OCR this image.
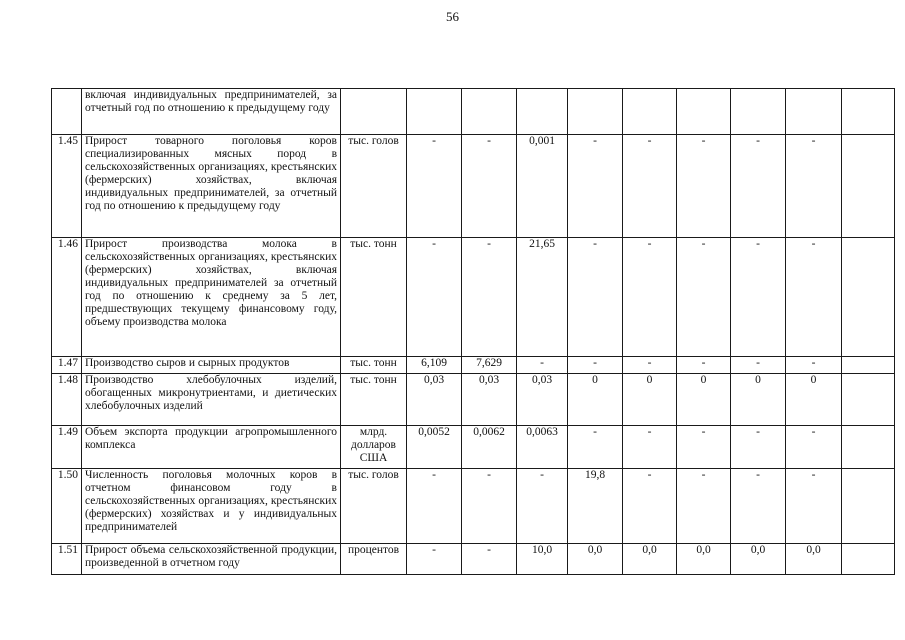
56
	включая индивидуальных предпринимателей, за отчетный год по отношению к предыдущему году										
1.45	Прирост товарного поголовья коров специализированных мясных пород в сельскохозяйственных организациях, крестьянских (фермерских) хозяйствах, включая индивидуальных предпринимателей, за отчетный год по отношению к предыдущему году	тыс. голов	-	-	0,001	-	-	-	-	-	
1.46	Прирост производства молока в сельскохозяйственных организациях, крестьянских (фермерских) хозяйствах, включая индивидуальных предпринимателей за отчетный год по отношению к среднему за 5 лет, предшествующих текущему финансовому году, объему производства молока	тыс. тонн	-	-	21,65	-	-	-	-	-	
1.47	Производство сыров и сырных продуктов	тыс. тонн	6,109	7,629	-	-	-	-	-	-	
1.48	Производство хлебобулочных изделий, обогащенных микронутриентами, и диетических хлебобулочных изделий	тыс. тонн	0,03	0,03	0,03	0	0	0	0	0	
1.49	Объем экспорта продукции агропромышленного комплекса	млрд. долларов США	0,0052	0,0062	0,0063	-	-	-	-	-	
1.50	Численность поголовья молочных коров в отчетном финансовом году в сельскохозяйственных организациях, крестьянских (фермерских) хозяйствах и у индивидуальных предпринимателей	тыс. голов	-	-	-	19,8	-	-	-	-	
1.51	Прирост объема сельскохозяйственной продукции, произведенной в отчетном году	процентов	-	-	10,0	0,0	0,0	0,0	0,0	0,0	
